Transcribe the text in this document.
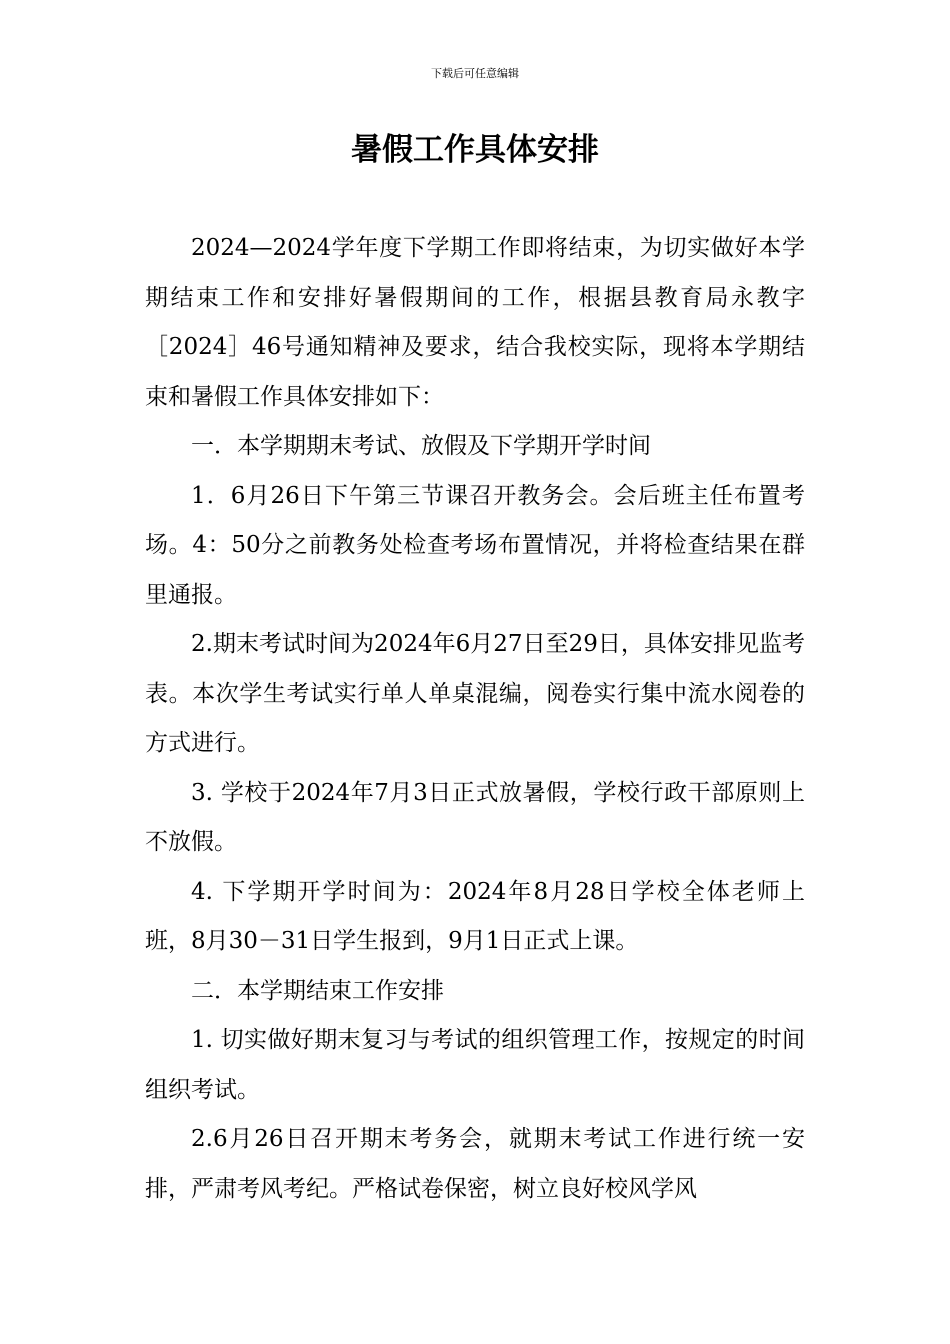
下载后可任意编辑
暑假工作具体安排

2024—2024学年度下学期工作即将结束，为切实做好本学期结束工作和安排好暑假期间的工作，根据县教育局永教字［2024］46号通知精神及要求，结合我校实际，现将本学期结束和暑假工作具体安排如下：

一．本学期期末考试、放假及下学期开学时间

1．6月26日下午第三节课召开教务会。会后班主任布置考场。4：50分之前教务处检查考场布置情况，并将检查结果在群里通报。

2.期末考试时间为2024年6月27日至29日，具体安排见监考表。本次学生考试实行单人单桌混编，阅卷实行集中流水阅卷的方式进行。

3. 学校于2024年7月3日正式放暑假，学校行政干部原则上不放假。

4. 下学期开学时间为：2024年8月28日学校全体老师上班，8月30－31日学生报到，9月1日正式上课。

二．本学期结束工作安排

1. 切实做好期末复习与考试的组织管理工作，按规定的时间组织考试。

2.6月26日召开期末考务会，就期末考试工作进行统一安排，严肃考风考纪。严格试卷保密，树立良好校风学风
